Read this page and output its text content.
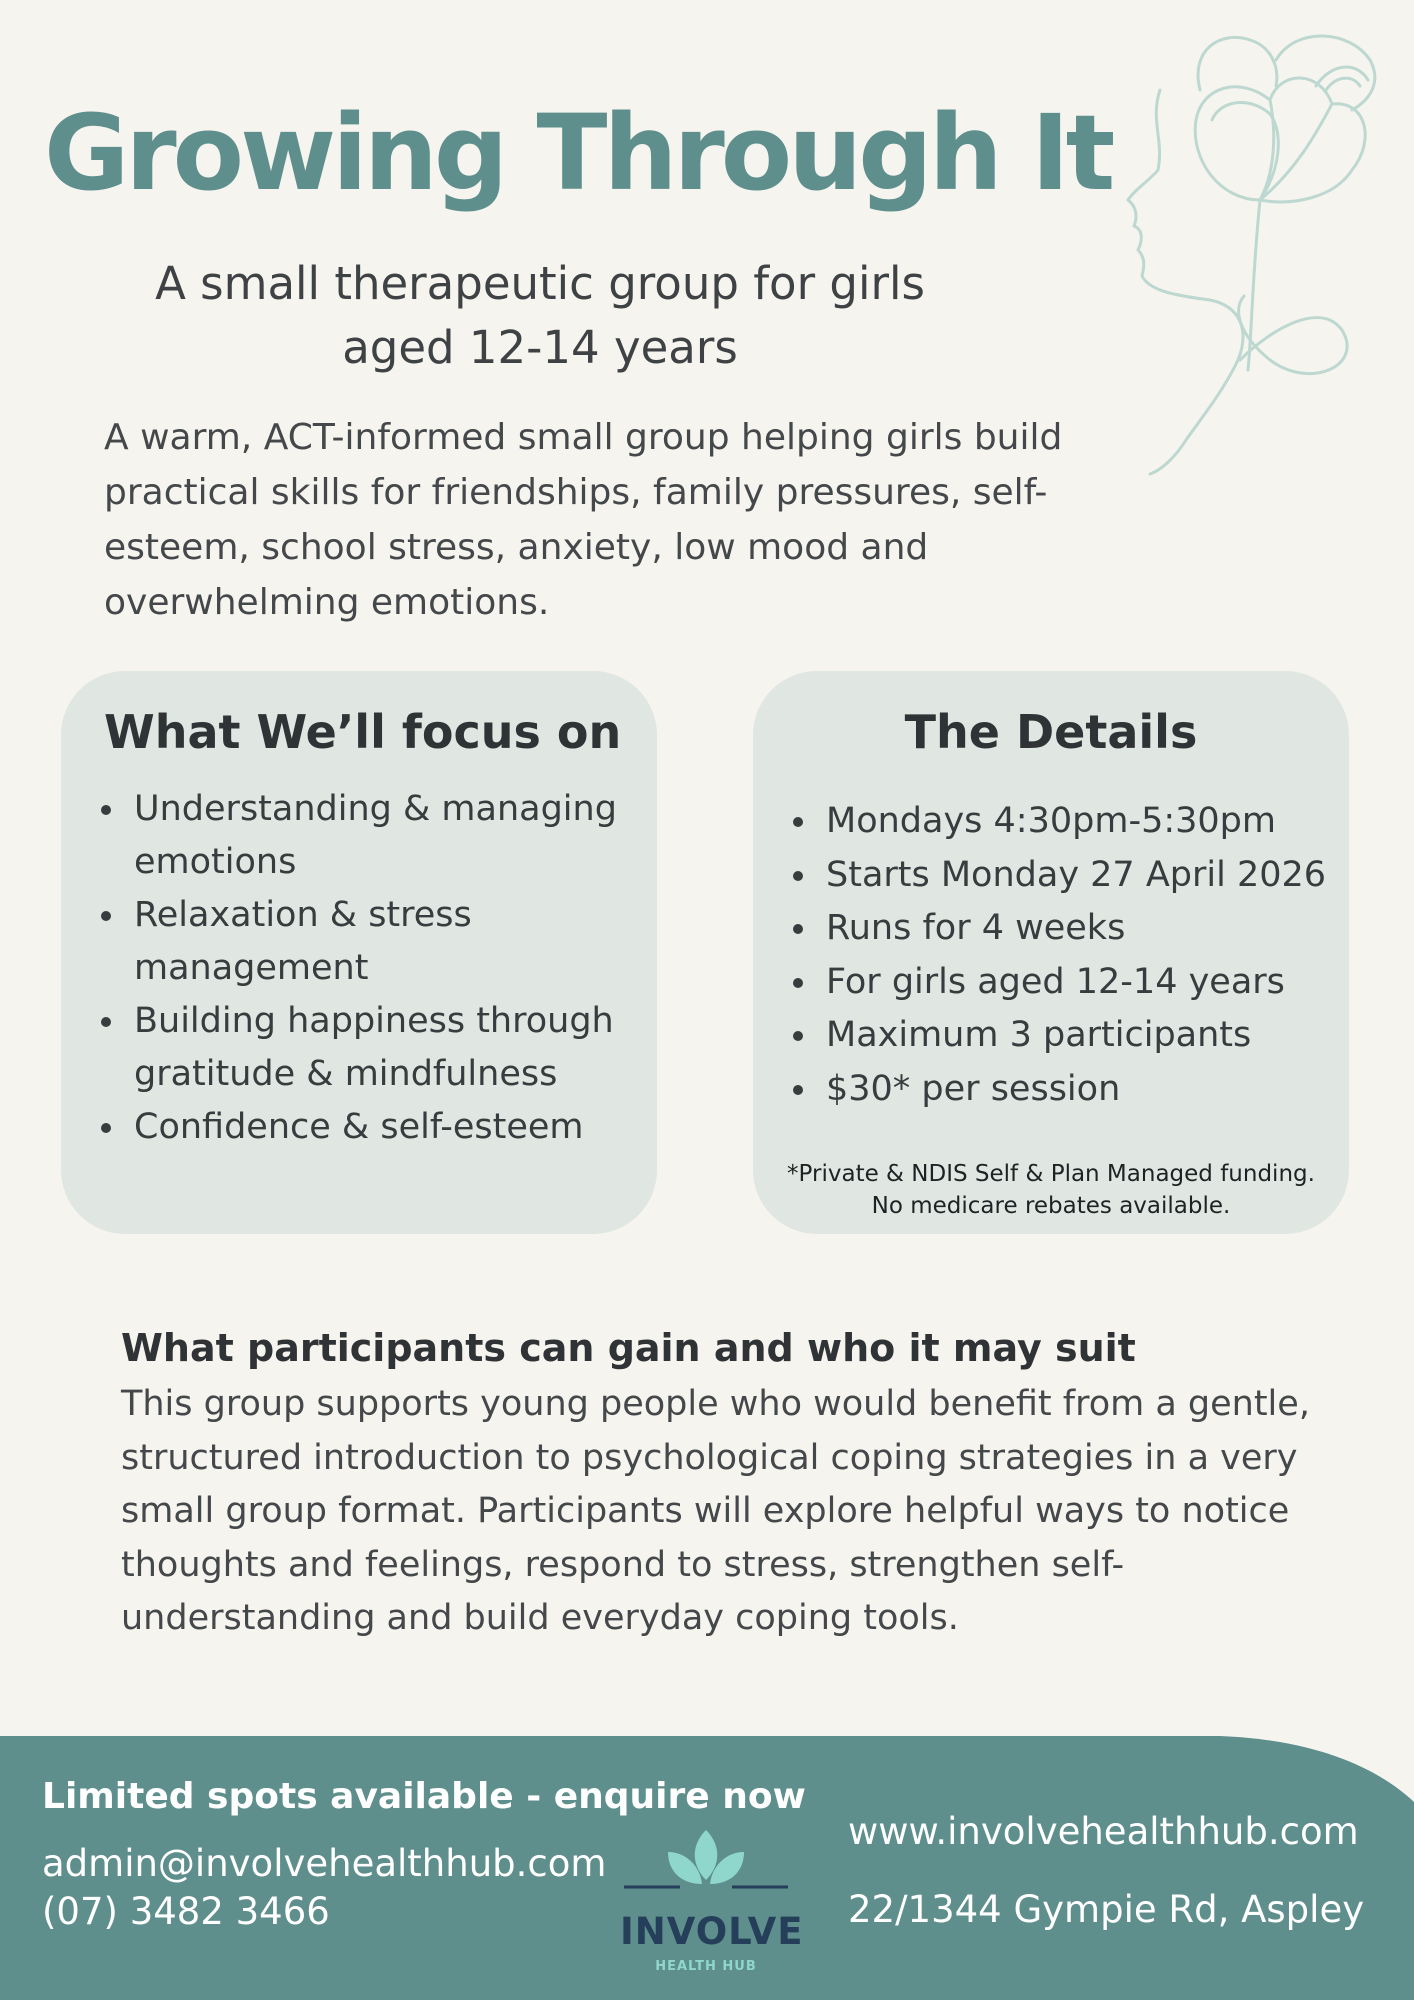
Growing Through It
A small therapeutic group for girls
aged 12-14 years

A warm, ACT-informed small group helping girls build practical skills for friendships, family pressures, self-esteem, school stress, anxiety, low mood and overwhelming emotions.

What We’ll focus on
• Understanding & managing emotions
• Relaxation & stress management
• Building happiness through gratitude & mindfulness
• Confidence & self-esteem
The Details
• Mondays 4:30pm-5:30pm
• Starts Monday 27 April 2026
• Runs for 4 weeks
• For girls aged 12-14 years
• Maximum 3 participants
• $30* per session

*Private & NDIS Self & Plan Managed funding.
No medicare rebates available.

What participants can gain and who it may suit

This group supports young people who would benefit from a gentle, structured introduction to psychological coping strategies in a very small group format. Participants will explore helpful ways to notice thoughts and feelings, respond to stress, strengthen self-understanding and build everyday coping tools.

Limited spots available - enquire now

admin@involvehealthhub.com

(07) 3482 3466

www.involvehealthhub.com

22/1344 Gympie Rd, Aspley

INVOLVE
HEALTH HUB
